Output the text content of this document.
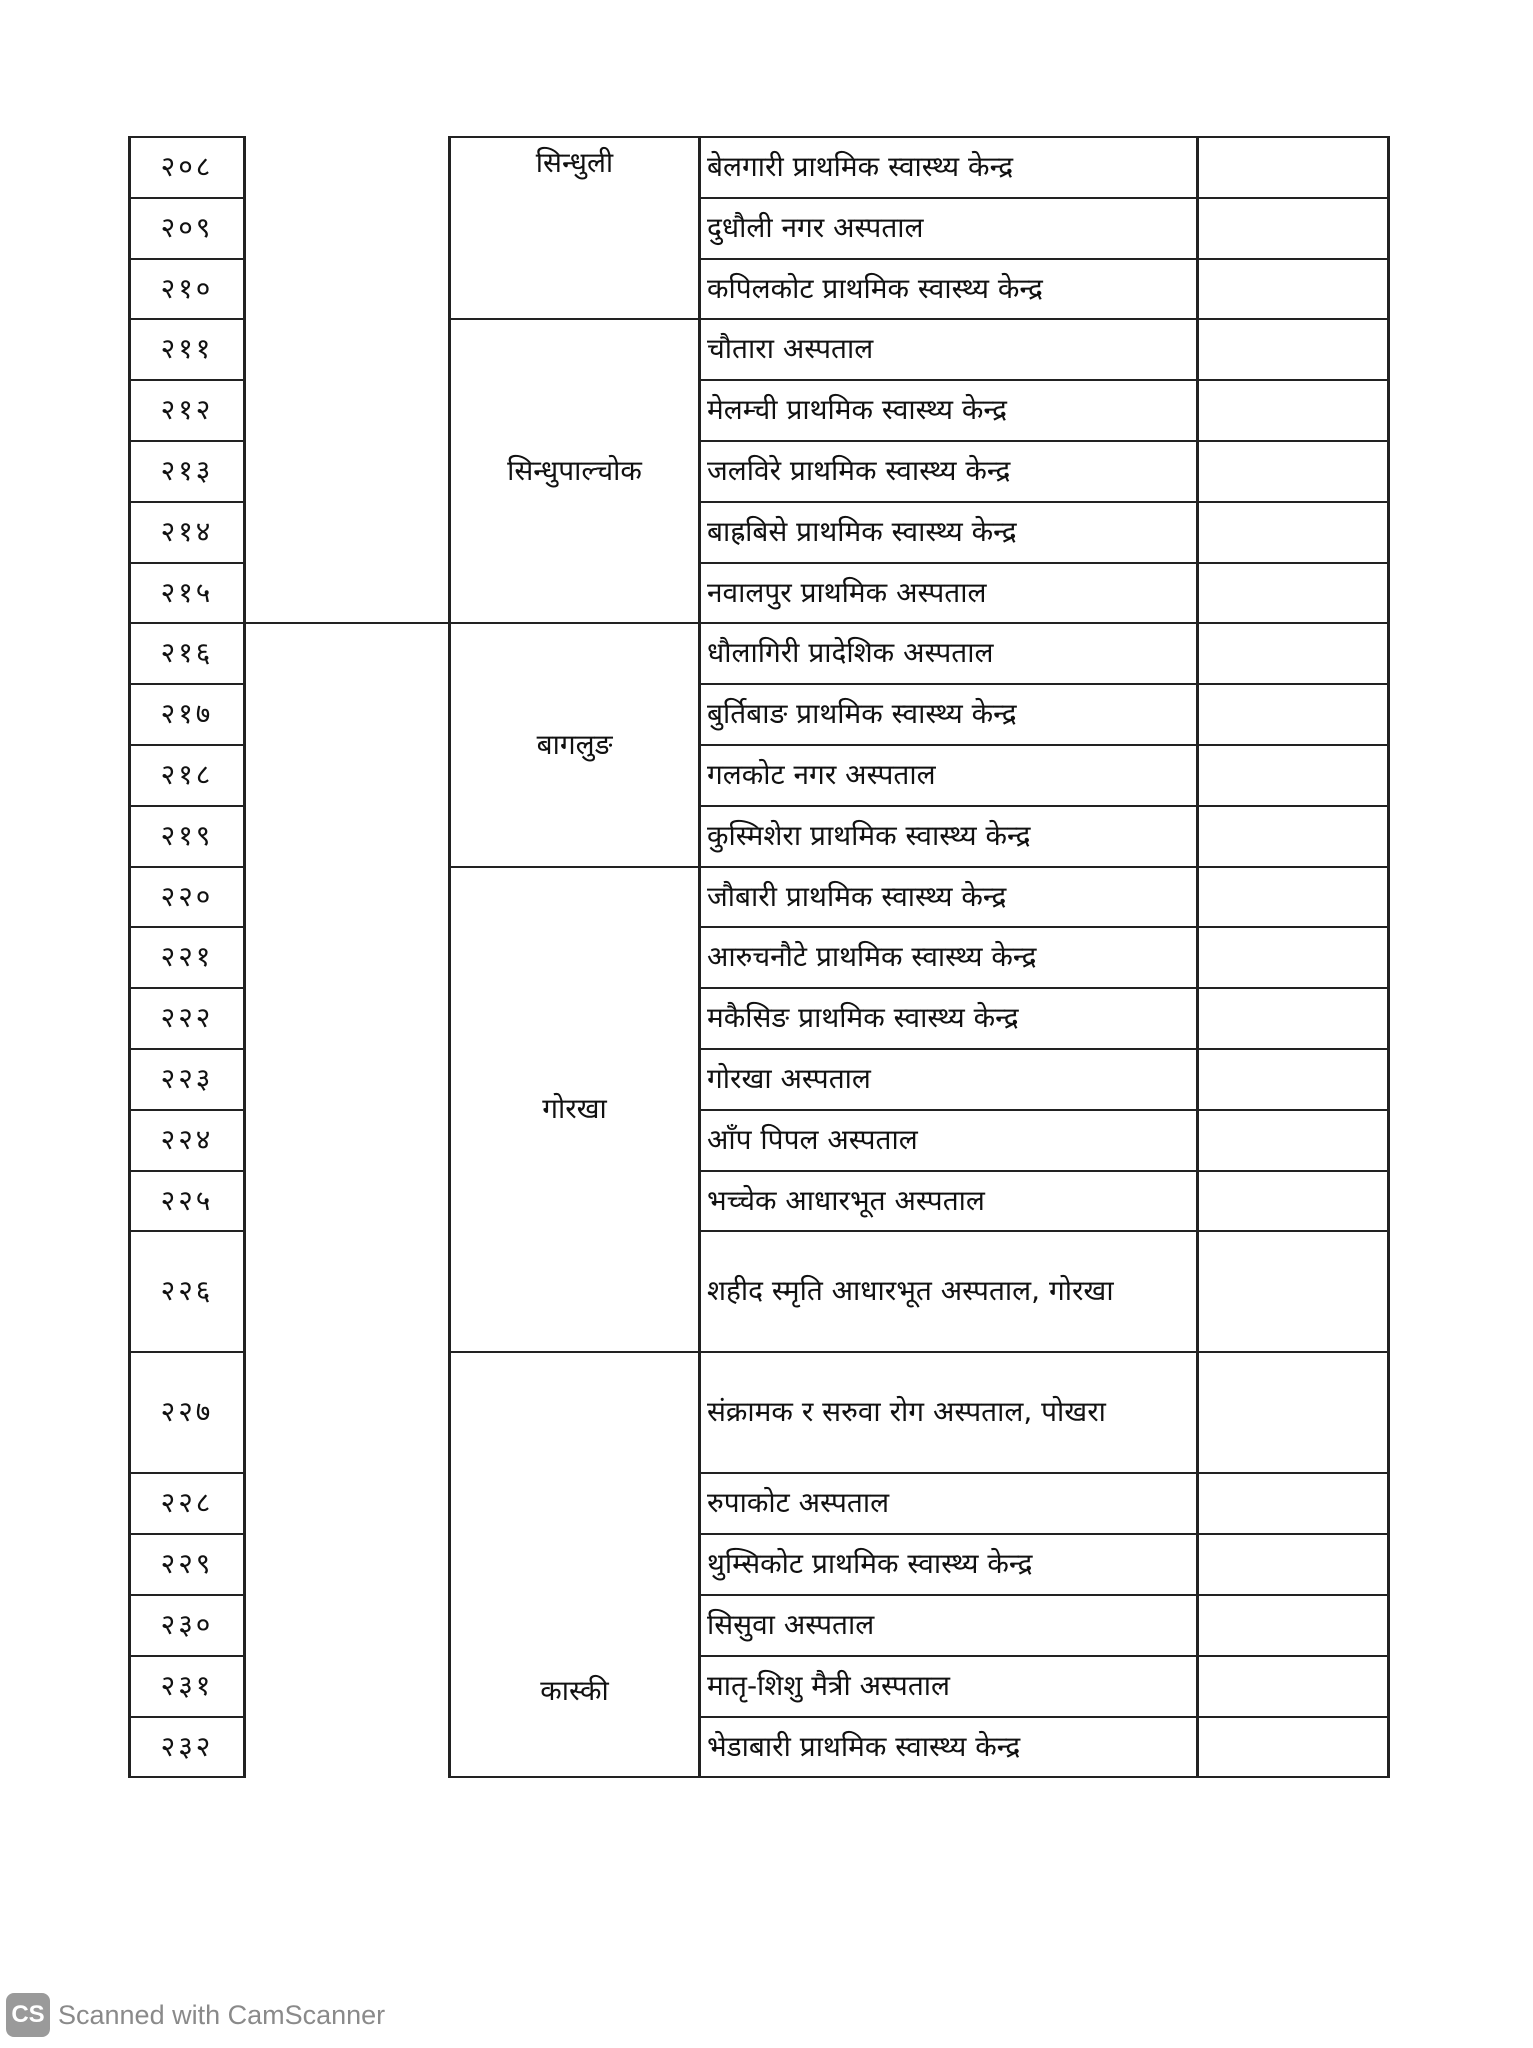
२०८		सिन्धुली	बेलगारी प्राथमिक स्वास्थ्य केन्द्र	
२०९			दुधौली नगर अस्पताल	
२१०			कपिलकोट प्राथमिक स्वास्थ्य केन्द्र	
२११		सिन्धुपाल्चोक	चौतारा अस्पताल	
२१२			मेलम्ची प्राथमिक स्वास्थ्य केन्द्र	
२१३			जलविरे प्राथमिक स्वास्थ्य केन्द्र	
२१४			बाह्रबिसे प्राथमिक स्वास्थ्य केन्द्र	
२१५			नवालपुर प्राथमिक अस्पताल	
२१६		बागलुङ	धौलागिरी प्रादेशिक अस्पताल	
२१७			बुर्तिबाङ प्राथमिक स्वास्थ्य केन्द्र	
२१८			गलकोट नगर अस्पताल	
२१९			कुस्मिशेरा प्राथमिक स्वास्थ्य केन्द्र	
२२०		गोरखा	जौबारी प्राथमिक स्वास्थ्य केन्द्र	
२२१			आरुचनौटे प्राथमिक स्वास्थ्य केन्द्र	
२२२			मकैसिङ प्राथमिक स्वास्थ्य केन्द्र	
२२३			गोरखा अस्पताल	
२२४			आँप पिपल अस्पताल	
२२५			भच्चेक आधारभूत अस्पताल	
२२६			शहीद स्मृति आधारभूत अस्पताल, गोरखा	
२२७		कास्की	संक्रामक र सरुवा रोग अस्पताल, पोखरा	
२२८			रुपाकोट अस्पताल	
२२९			थुम्सिकोट प्राथमिक स्वास्थ्य केन्द्र	
२३०			सिसुवा अस्पताल	
२३१			मातृ-शिशु मैत्री अस्पताल	
२३२			भेडाबारी प्राथमिक स्वास्थ्य केन्द्र	
CS Scanned with CamScanner
